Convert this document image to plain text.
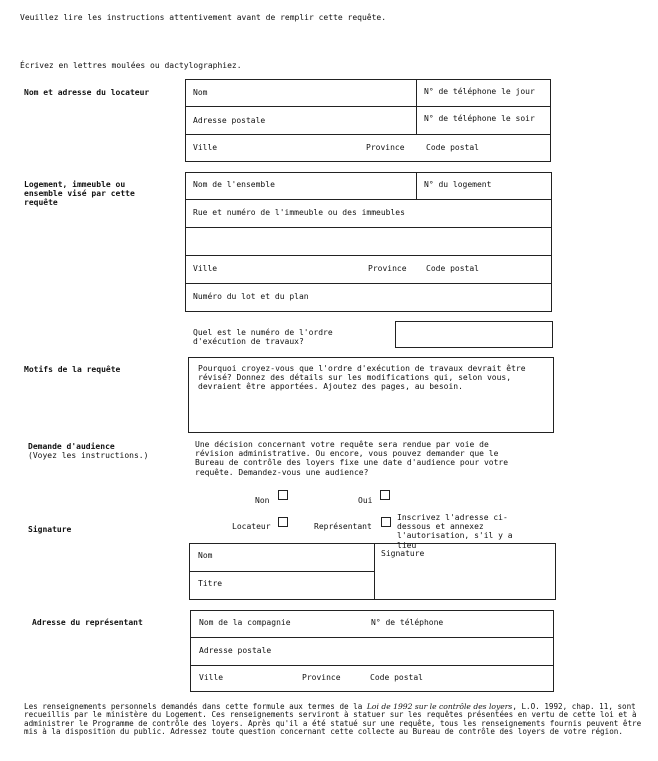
Veuillez lire les instructions attentivement avant de remplir cette requête.
Écrivez en lettres moulées ou dactylographiez.
Nom et adresse du locateur	Nom	N° de téléphone le jour
Adresse postale	N° de téléphone le soir
Ville	Province	Code postal
Logement, immeuble ou ensemble visé par cette requête
Nom de l'ensemble	N° du logement
Rue et numéro de l'immeuble ou des immeubles
Ville	Province Code postal
Numéro du lot et du plan
Quel est le numéro de l'ordre d'exécution de travaux?
Motifs de la requête	Pourquoi croyez-vous que l'ordre d'exécution de travaux devrait être révisé? Donnez des détails sur les modifications qui, selon vous, devraient être apportées. Ajoutez des pages, au besoin.
Demande d'audience
(Voyez les instructions.)
Une décision concernant votre requête sera rendue par voie de révision administrative. Ou encore, vous pouvez demander que le Bureau de contrôle des loyers fixe une date d'audience pour votre requête. Demandez-vous une audience?
Non	Oui
Signature	Locateur	Représentant
Inscrivez l'adresse ci-dessous et annexez l'autorisation, s'il y a lieu
Nom	Signature
Titre
Adresse du représentant	Nom de la compagnie	N° de téléphone
Adresse postale
Ville	Province	Code postal
Les renseignements personnels demandés dans cette formule aux termes de la Loi de 1992 sur le contrôle des loyers, L.O. 1992, chap. 11, sont recueillis par le ministère du Logement. Ces renseignements serviront à statuer sur les requêtes présentées en vertu de cette loi et à administrer le Programme de contrôle des loyers. Après qu'il a été statué sur une requête, tous les renseignements fournis peuvent être mis à la disposition du public. Adressez toute question concernant cette collecte au Bureau de contrôle des loyers de votre région.
